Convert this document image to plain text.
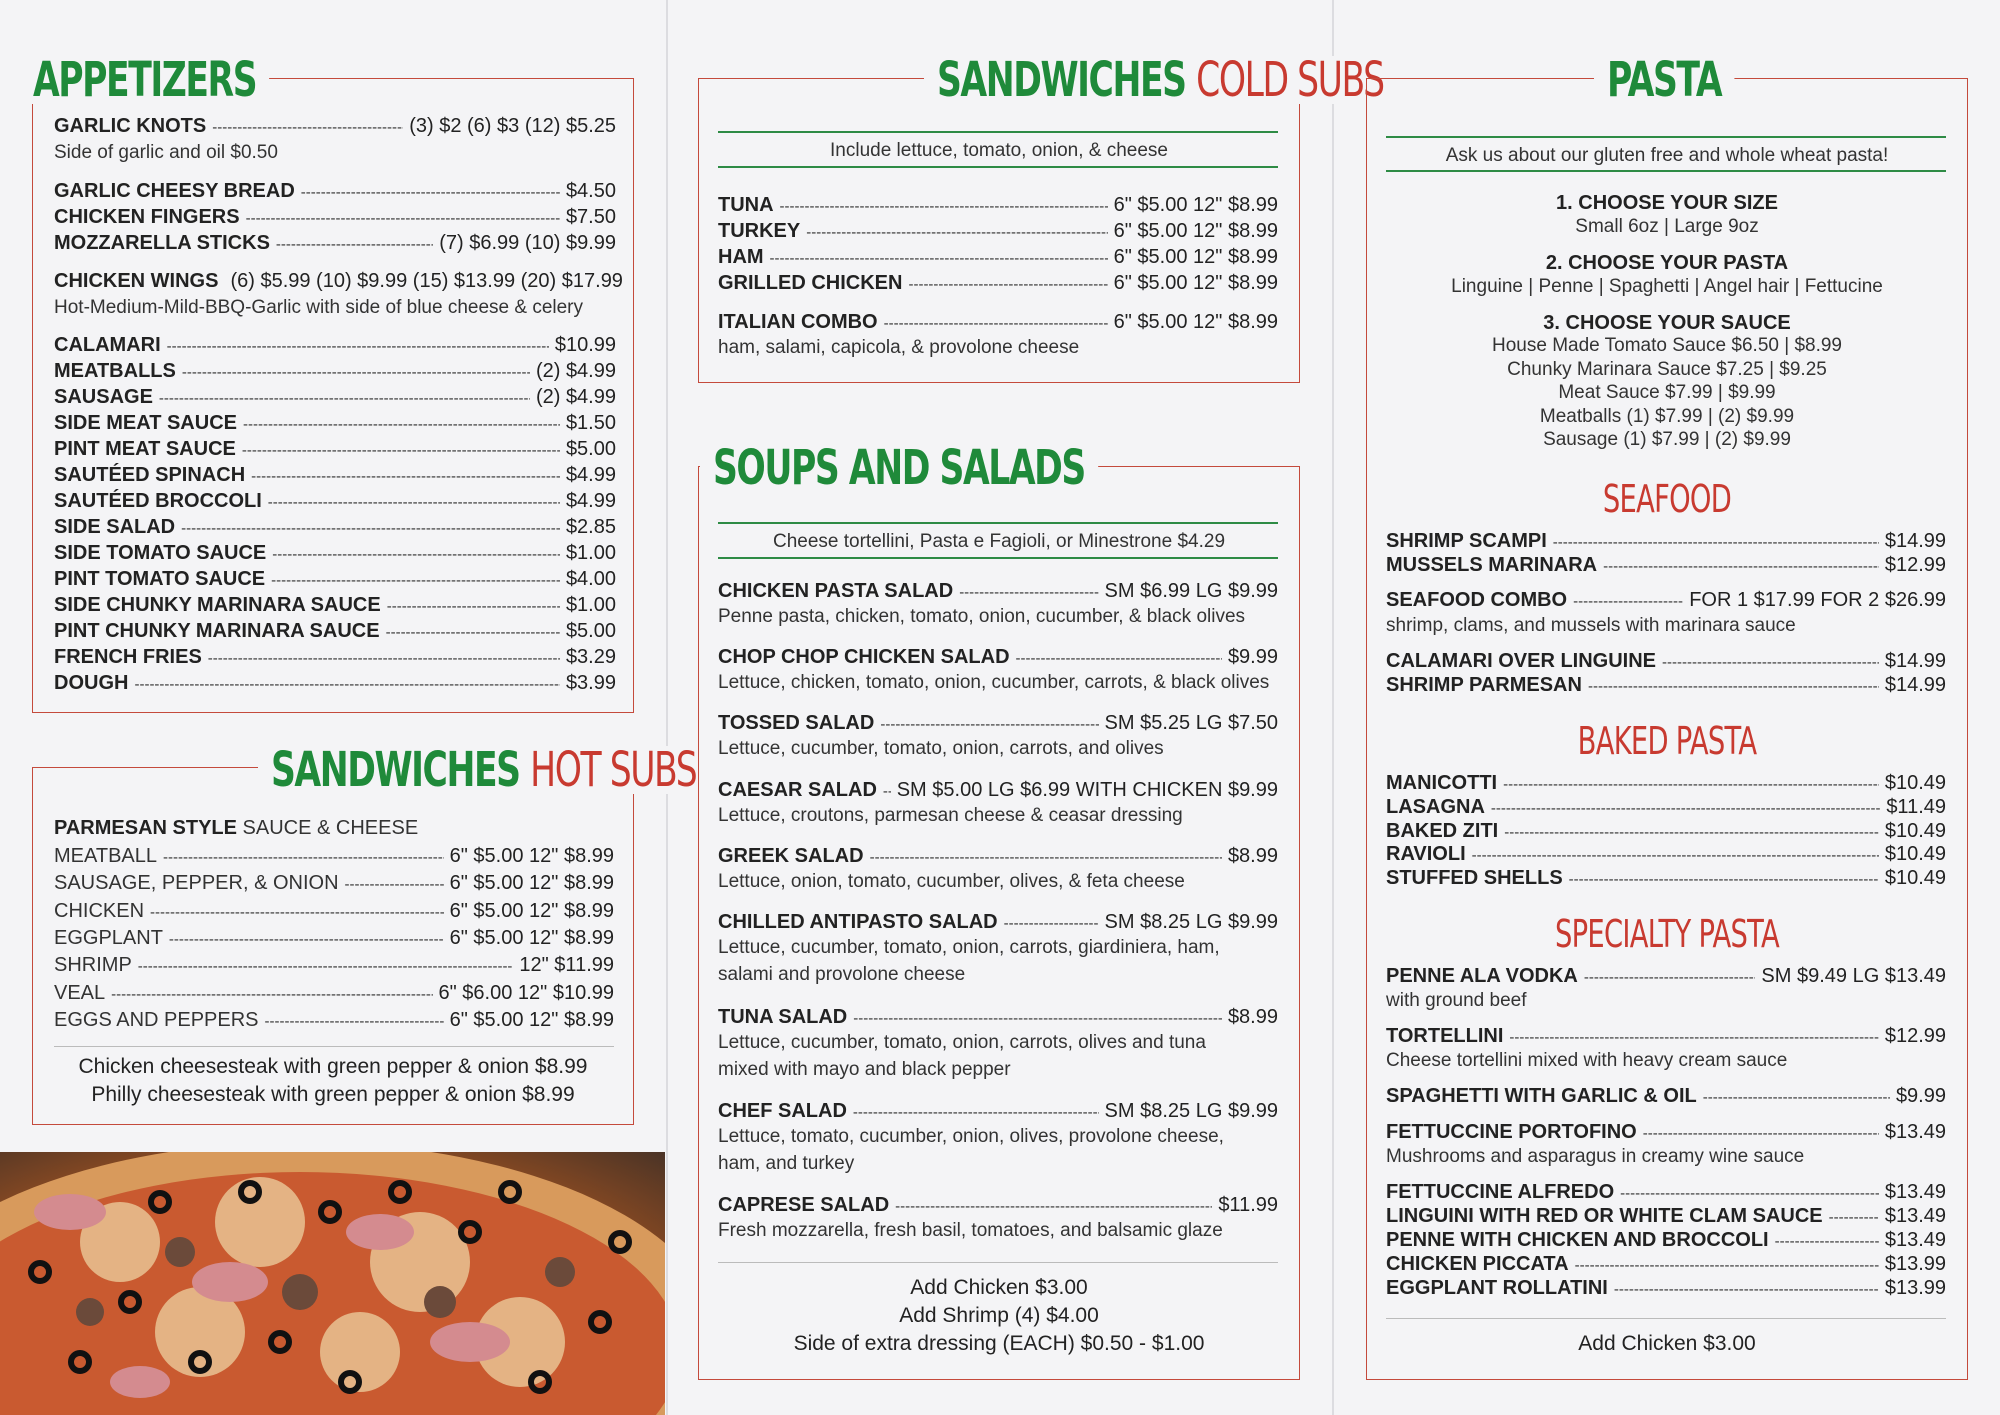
APPETIZERS
GARLIC KNOTS -----	(3) $2 (6) $3 (12) $5.25
GARLIC CHEESY BREAD -----	$4.50
CHICKEN FINGERS -----	$7.50
MOZZARELLA STICKS -----	(7) $6.99 (10) $9.99
CHICKEN WINGS (6) $5.99 (10) $9.99 (15) $13.99 (20) $17.99
CALAMARI -----	$10.99
MEATBALLS -----	(2) $4.99
SAUSAGE -----	(2) $4.99
SIDE MEAT SAUCE -----	$1.50
PINT MEAT SAUCE -----	$5.00
SAUTÉED SPINACH -----	$4.99
SAUTÉED BROCCOLI -----	$4.99
SIDE SALAD -----	$2.85
SIDE TOMATO SAUCE -----	$1.00
PINT TOMATO SAUCE -----	$4.00
SIDE CHUNKY MARINARA SAUCE -----	$1.00
PINT CHUNKY MARINARA SAUCE -----	$5.00
FRENCH FRIES -----	$3.29
DOUGH -----	$3.99
Side of garlic and oil $0.50
Hot-Medium-Mild-BBQ-Garlic with side of blue cheese & celery
SANDWICHES HOT SUBS
PARMESAN STYLE
SAUCE & CHEESE
MEATBALL -----	6" $5.00 12" $8.99
SAUSAGE, PEPPER, & ONION -----	6" $5.00 12" $8.99
CHICKEN -----	6" $5.00 12" $8.99
EGGPLANT -----	6" $5.00 12" $8.99
SHRIMP -----	12" $11.99
VEAL -----	6" $6.00 12" $10.99
EGGS AND PEPPERS -----	6" $5.00 12" $8.99
Chicken cheesesteak with green pepper & onion $8.99
Philly cheesesteak with green pepper & onion $8.99
SANDWICHES COLD SUBS
Include lettuce, tomato, onion, & cheese
TUNA -----	6" $5.00 12" $8.99
TURKEY -----	6" $5.00 12" $8.99
HAM -----	6" $5.00 12" $8.99
GRILLED CHICKEN -----	6" $5.00 12" $8.99
ITALIAN COMBO -----	6" $5.00 12" $8.99
ham, salami, capicola, & provolone cheese
SOUPS AND SALADS
Cheese tortellini, Pasta e Fagioli, or Minestrone $4.29
CHICKEN PASTA SALAD -----	SM $6.99 LG $9.99
Penne pasta, chicken, tomato, onion, cucumber, & black olives
CHOP CHOP CHICKEN SALAD -----	$9.99
Lettuce, chicken, tomato, onion, cucumber, carrots, & black olives
TOSSED SALAD -----	SM $5.25 LG $7.50
Lettuce, cucumber, tomato, onion, carrots, and olives
CAESAR SALAD ----- SM $5.00 LG $6.99 WITH CHICKEN $9.99
Lettuce, croutons, parmesan cheese & ceasar dressing
GREEK SALAD -----	$8.99
Lettuce, onion, tomato, cucumber, olives, & feta cheese
CHILLED ANTIPASTO SALAD -----	SM $8.25 LG $9.99
Lettuce, cucumber, tomato, onion, carrots, giardiniera, ham,
salami and provolone cheese
TUNA SALAD -----	$8.99
Lettuce, cucumber, tomato, onion, carrots, olives and tuna
mixed with mayo and black pepper
CHEF SALAD -----	SM $8.25 LG $9.99
Lettuce, tomato, cucumber, onion, olives, provolone cheese,
ham, and turkey
CAPRESE SALAD -----	$11.99
Fresh mozzarella, fresh basil, tomatoes, and balsamic glaze
Add Chicken $3.00
Add Shrimp (4) $4.00
Side of extra dressing (EACH) $0.50 - $1.00
PASTA
Ask us about our gluten free and whole wheat pasta!
1. CHOOSE YOUR SIZE
Small 6oz | Large 9oz
2. CHOOSE YOUR PASTA
Linguine | Penne | Spaghetti | Angel hair | Fettucine
3. CHOOSE YOUR SAUCE
House Made Tomato Sauce $6.50 | $8.99
Chunky Marinara Sauce $7.25 | $9.25
Meat Sauce $7.99 | $9.99
Meatballs (1) $7.99 | (2) $9.99
Sausage (1) $7.99 | (2) $9.99
SEAFOOD
SHRIMP SCAMPI -----	$14.99
MUSSELS MARINARA -----	$12.99
SEAFOOD COMBO -----	FOR 1 $17.99 FOR 2 $26.99
CALAMARI OVER LINGUINE -----	$14.99
SHRIMP PARMESAN -----	$14.99
shrimp, clams, and mussels with marinara sauce
BAKED PASTA
MANICOTTI -----	$10.49
LASAGNA -----	$11.49
BAKED ZITI -----	$10.49
RAVIOLI -----	$10.49
STUFFED SHELLS -----	$10.49
SPECIALTY PASTA
PENNE ALA VODKA -----	SM $9.49 LG $13.49
with ground beef
TORTELLINI -----	$12.99
Cheese tortellini mixed with heavy cream sauce
SPAGHETTI WITH GARLIC & OIL -----	$9.99
FETTUCCINE PORTOFINO -----	$13.49
Mushrooms and asparagus in creamy wine sauce
FETTUCCINE ALFREDO -----	$13.49
LINGUINI WITH RED OR WHITE CLAM SAUCE -----	$13.49
PENNE WITH CHICKEN AND BROCCOLI -----	$13.49
CHICKEN PICCATA -----	$13.99
EGGPLANT ROLLATINI -----	$13.99
Add Chicken $3.00
